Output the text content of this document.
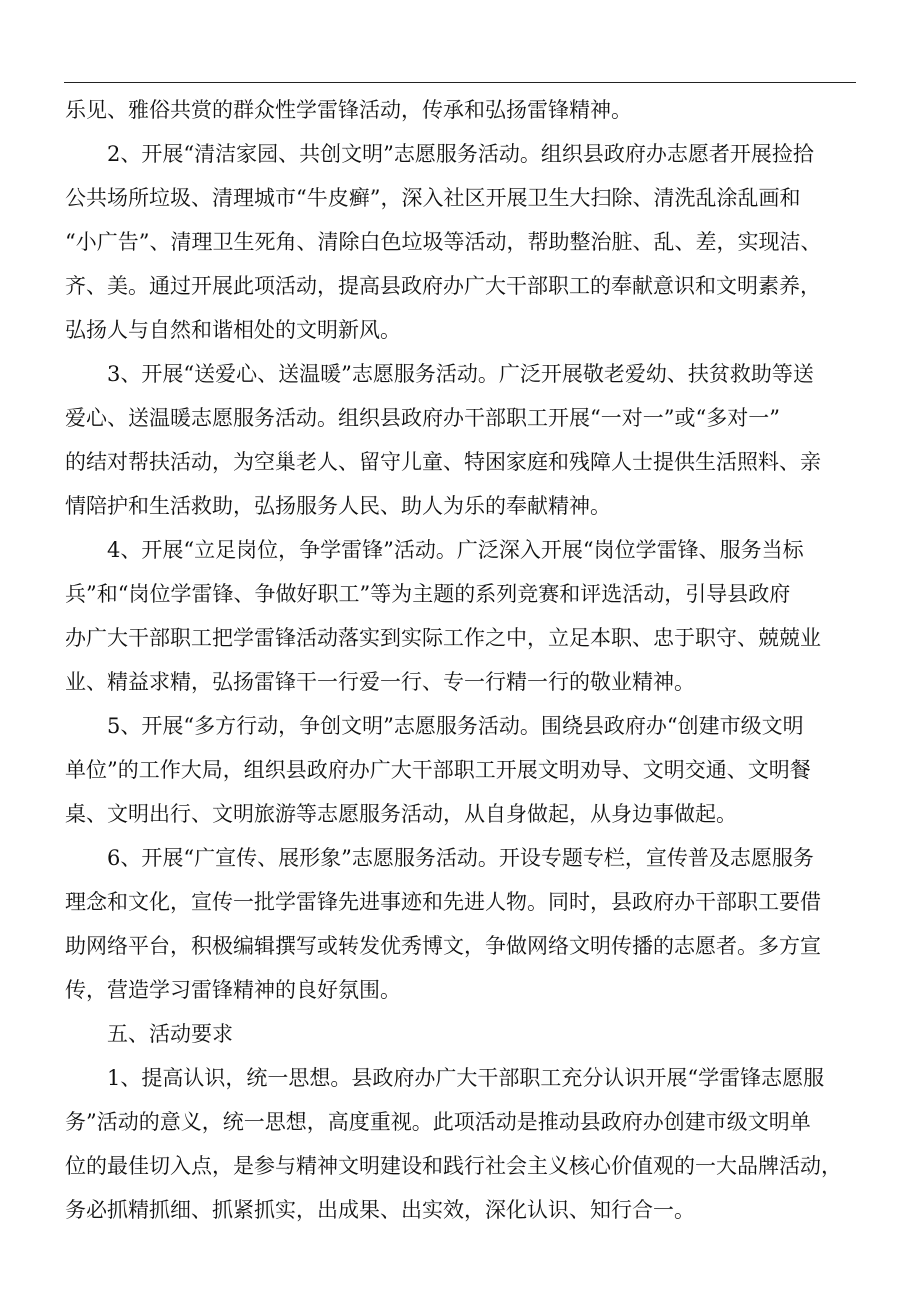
乐见、雅俗共赏的群众性学雷锋活动，传承和弘扬雷锋精神。
2、开展“清洁家园、共创文明”志愿服务活动。组织县政府办志愿者开展捡拾
公共场所垃圾、清理城市“牛皮癣”，深入社区开展卫生大扫除、清洗乱涂乱画和
“小广告”、清理卫生死角、清除白色垃圾等活动，帮助整治脏、乱、差，实现洁、
齐、美。通过开展此项活动，提高县政府办广大干部职工的奉献意识和文明素养，
弘扬人与自然和谐相处的文明新风。
3、开展“送爱心、送温暖”志愿服务活动。广泛开展敬老爱幼、扶贫救助等送
爱心、送温暖志愿服务活动。组织县政府办干部职工开展“一对一”或“多对一”
的结对帮扶活动，为空巢老人、留守儿童、特困家庭和残障人士提供生活照料、亲
情陪护和生活救助，弘扬服务人民、助人为乐的奉献精神。
4、开展“立足岗位，争学雷锋”活动。广泛深入开展“岗位学雷锋、服务当标
兵”和“岗位学雷锋、争做好职工”等为主题的系列竞赛和评选活动，引导县政府
办广大干部职工把学雷锋活动落实到实际工作之中，立足本职、忠于职守、兢兢业
业、精益求精，弘扬雷锋干一行爱一行、专一行精一行的敬业精神。
5、开展“多方行动，争创文明”志愿服务活动。围绕县政府办“创建市级文明
单位”的工作大局，组织县政府办广大干部职工开展文明劝导、文明交通、文明餐
桌、文明出行、文明旅游等志愿服务活动，从自身做起，从身边事做起。
6、开展“广宣传、展形象”志愿服务活动。开设专题专栏，宣传普及志愿服务
理念和文化，宣传一批学雷锋先进事迹和先进人物。同时，县政府办干部职工要借
助网络平台，积极编辑撰写或转发优秀博文，争做网络文明传播的志愿者。多方宣
传，营造学习雷锋精神的良好氛围。
五、活动要求
1、提高认识，统一思想。县政府办广大干部职工充分认识开展“学雷锋志愿服
务”活动的意义，统一思想，高度重视。此项活动是推动县政府办创建市级文明单
位的最佳切入点，是参与精神文明建设和践行社会主义核心价值观的一大品牌活动，
务必抓精抓细、抓紧抓实，出成果、出实效，深化认识、知行合一。
